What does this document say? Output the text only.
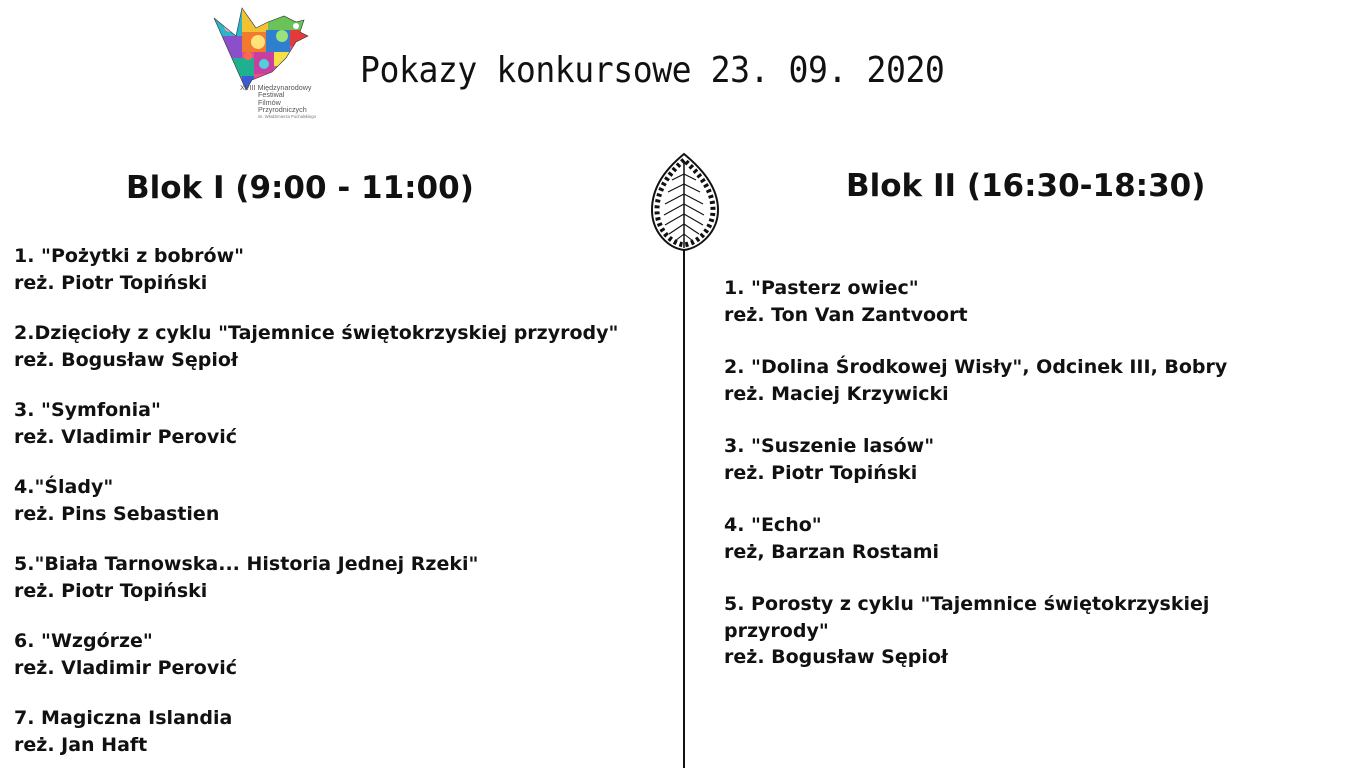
XVIII Międzynarodowy
Festiwal
Filmów
Przyrodniczych
im. Włodzimierza Puchalskiego
Pokazy konkursowe 23. 09. 2020
Blok I (9:00 - 11:00)	Blok II (16:30-18:30)
1. "Pożytki z bobrów"
reż. Piotr Topiński
2.Dzięcioły z cyklu "Tajemnice świętokrzyskiej przyrody"
reż. Bogusław Sępioł
3. "Symfonia"
reż. Vladimir Perović
4."Ślady"
reż. Pins Sebastien
5."Biała Tarnowska... Historia Jednej Rzeki"
reż. Piotr Topiński
6. "Wzgórze"
reż. Vladimir Perović
7. Magiczna Islandia
reż. Jan Haft
1. "Pasterz owiec"
reż. Ton Van Zantvoort
2. "Dolina Środkowej Wisły", Odcinek III, Bobry
reż. Maciej Krzywicki
3. "Suszenie lasów"
reż. Piotr Topiński
4. "Echo"
reż, Barzan Rostami
5. Porosty z cyklu "Tajemnice świętokrzyskiej przyrody"
reż. Bogusław Sępioł
